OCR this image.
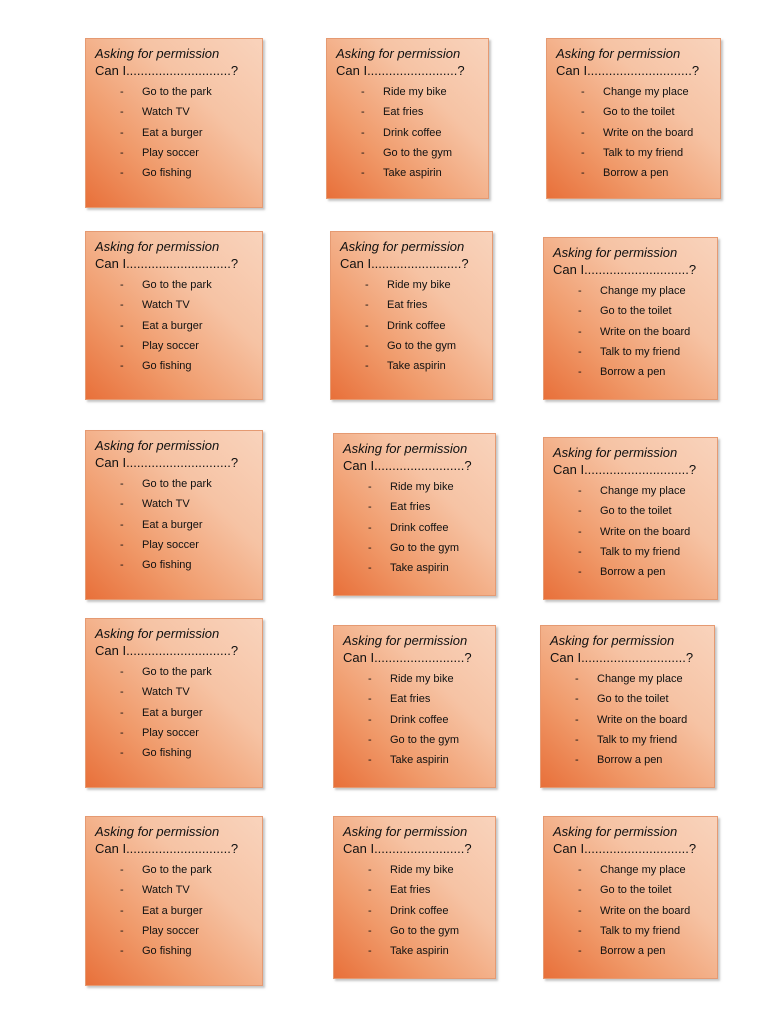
Asking for permission
Can I.............................?
-	Go to the park
-	Watch TV
-	Eat a burger
-	Play soccer
-	Go fishing
Asking for permission
Can I.........................?
-	Ride my bike
-	Eat fries
-	Drink coffee
-	Go to the gym
-	Take aspirin
Asking for permission
Can I.............................?
-	Change my place
-	Go to the toilet
-	Write on the board
-	Talk to my friend
-	Borrow a pen
Asking for permission
Can I.............................?
-	Go to the park
-	Watch TV
-	Eat a burger
-	Play soccer
-	Go fishing
Asking for permission
Can I.........................?
-	Ride my bike
-	Eat fries
-	Drink coffee
-	Go to the gym
-	Take aspirin
Asking for permission
Can I.............................?
-	Change my place
-	Go to the toilet
-	Write on the board
-	Talk to my friend
-	Borrow a pen
Asking for permission
Can I.............................?
-	Go to the park
-	Watch TV
-	Eat a burger
-	Play soccer
-	Go fishing
Asking for permission
Can I.........................?
-	Ride my bike
-	Eat fries
-	Drink coffee
-	Go to the gym
-	Take aspirin
Asking for permission
Can I.............................?
-	Change my place
-	Go to the toilet
-	Write on the board
-	Talk to my friend
-	Borrow a pen
Asking for permission
Can I.............................?
-	Go to the park
-	Watch TV
-	Eat a burger
-	Play soccer
-	Go fishing
Asking for permission
Can I.........................?
-	Ride my bike
-	Eat fries
-	Drink coffee
-	Go to the gym
-	Take aspirin
Asking for permission
Can I.............................?
-	Change my place
-	Go to the toilet
-	Write on the board
-	Talk to my friend
-	Borrow a pen
Asking for permission
Can I.............................?
-	Go to the park
-	Watch TV
-	Eat a burger
-	Play soccer
-	Go fishing
Asking for permission
Can I.........................?
-	Ride my bike
-	Eat fries
-	Drink coffee
-	Go to the gym
-	Take aspirin
Asking for permission
Can I.............................?
-	Change my place
-	Go to the toilet
-	Write on the board
-	Talk to my friend
-	Borrow a pen
